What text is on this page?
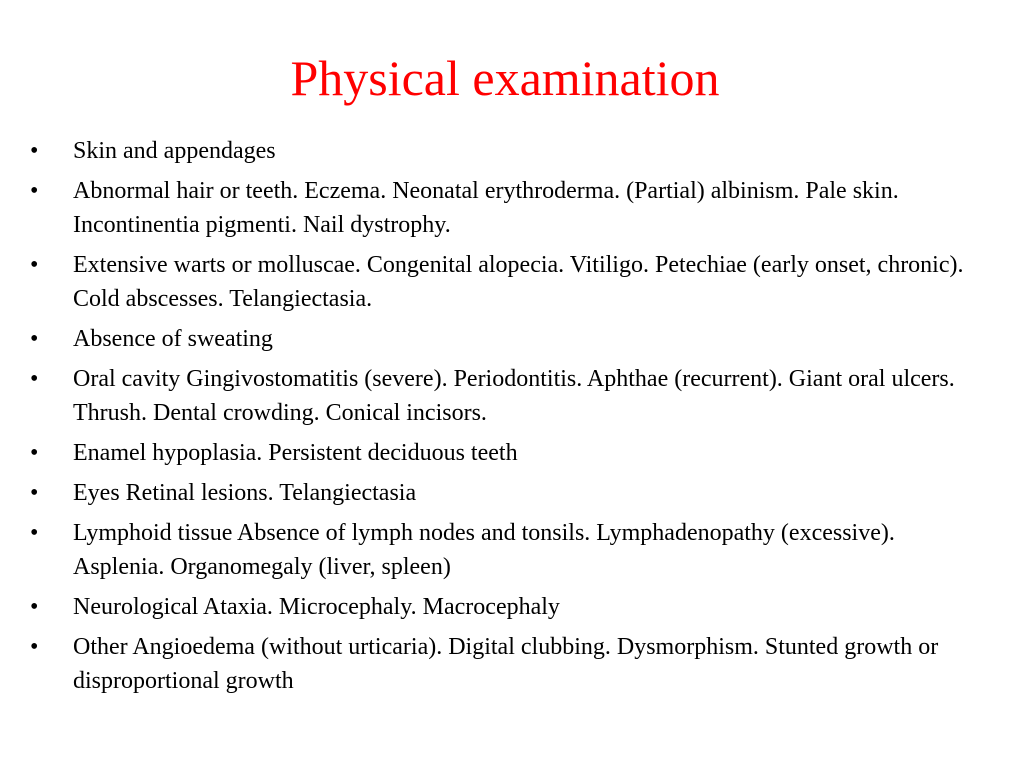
Physical examination
•	Skin and appendages
•	Abnormal hair or teeth. Eczema. Neonatal erythroderma. (Partial) albinism. Pale skin. Incontinentia pigmenti. Nail dystrophy.
•	Extensive warts or molluscae. Congenital alopecia. Vitiligo. Petechiae (early onset, chronic). Cold abscesses. Telangiectasia.
•	Absence of sweating
•	Oral cavity Gingivostomatitis (severe). Periodontitis. Aphthae (recurrent). Giant oral ulcers. Thrush. Dental crowding. Conical incisors.
•	Enamel hypoplasia. Persistent deciduous teeth
•	Eyes Retinal lesions. Telangiectasia
•	Lymphoid tissue Absence of lymph nodes and tonsils. Lymphadenopathy (excessive). Asplenia. Organomegaly (liver, spleen)
•	Neurological Ataxia. Microcephaly. Macrocephaly
•	Other Angioedema (without urticaria). Digital clubbing. Dysmorphism. Stunted growth or disproportional growth
